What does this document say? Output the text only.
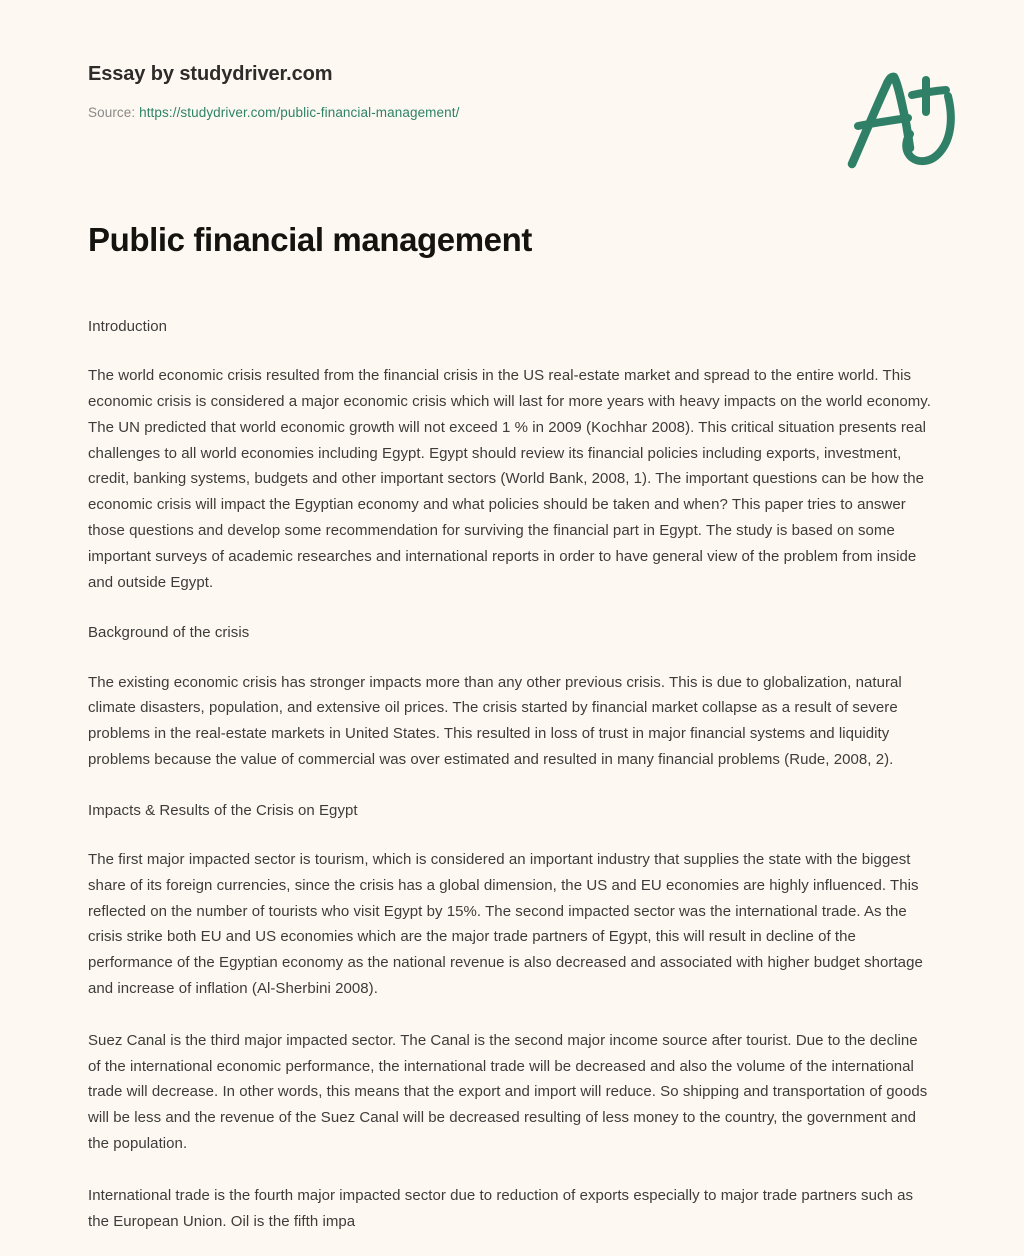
Essay by studydriver.com
Source: https://studydriver.com/public-financial-management/
Public financial management
Introduction

The world economic crisis resulted from the financial crisis in the US real-estate market and spread to the entire world. This economic crisis is considered a major economic crisis which will last for more years with heavy impacts on the world economy. The UN predicted that world economic growth will not exceed 1 % in 2009 (Kochhar 2008). This critical situation presents real challenges to all world economies including Egypt. Egypt should review its financial policies including exports, investment, credit, banking systems, budgets and other important sectors (World Bank, 2008, 1). The important questions can be how the economic crisis will impact the Egyptian economy and what policies should be taken and when? This paper tries to answer those questions and develop some recommendation for surviving the financial part in Egypt. The study is based on some important surveys of academic researches and international reports in order to have general view of the problem from inside and outside Egypt.

Background of the crisis

The existing economic crisis has stronger impacts more than any other previous crisis. This is due to globalization, natural climate disasters, population, and extensive oil prices. The crisis started by financial market collapse as a result of severe problems in the real-estate markets in United States. This resulted in loss of trust in major financial systems and liquidity problems because the value of commercial was over estimated and resulted in many financial problems (Rude, 2008, 2).

Impacts & Results of the Crisis on Egypt

The first major impacted sector is tourism, which is considered an important industry that supplies the state with the biggest share of its foreign currencies, since the crisis has a global dimension, the US and EU economies are highly influenced. This reflected on the number of tourists who visit Egypt by 15%. The second impacted sector was the international trade. As the crisis strike both EU and US economies which are the major trade partners of Egypt, this will result in decline of the performance of the Egyptian economy as the national revenue is also decreased and associated with higher budget shortage and increase of inflation (Al-Sherbini 2008).

Suez Canal is the third major impacted sector. The Canal is the second major income source after tourist. Due to the decline of the international economic performance, the international trade will be decreased and also the volume of the international trade will decrease. In other words, this means that the export and import will reduce. So shipping and transportation of goods will be less and the revenue of the Suez Canal will be decreased resulting of less money to the country, the government and the population.

International trade is the fourth major impacted sector due to reduction of exports especially to major trade partners such as the European Union. Oil is the fifth impa
